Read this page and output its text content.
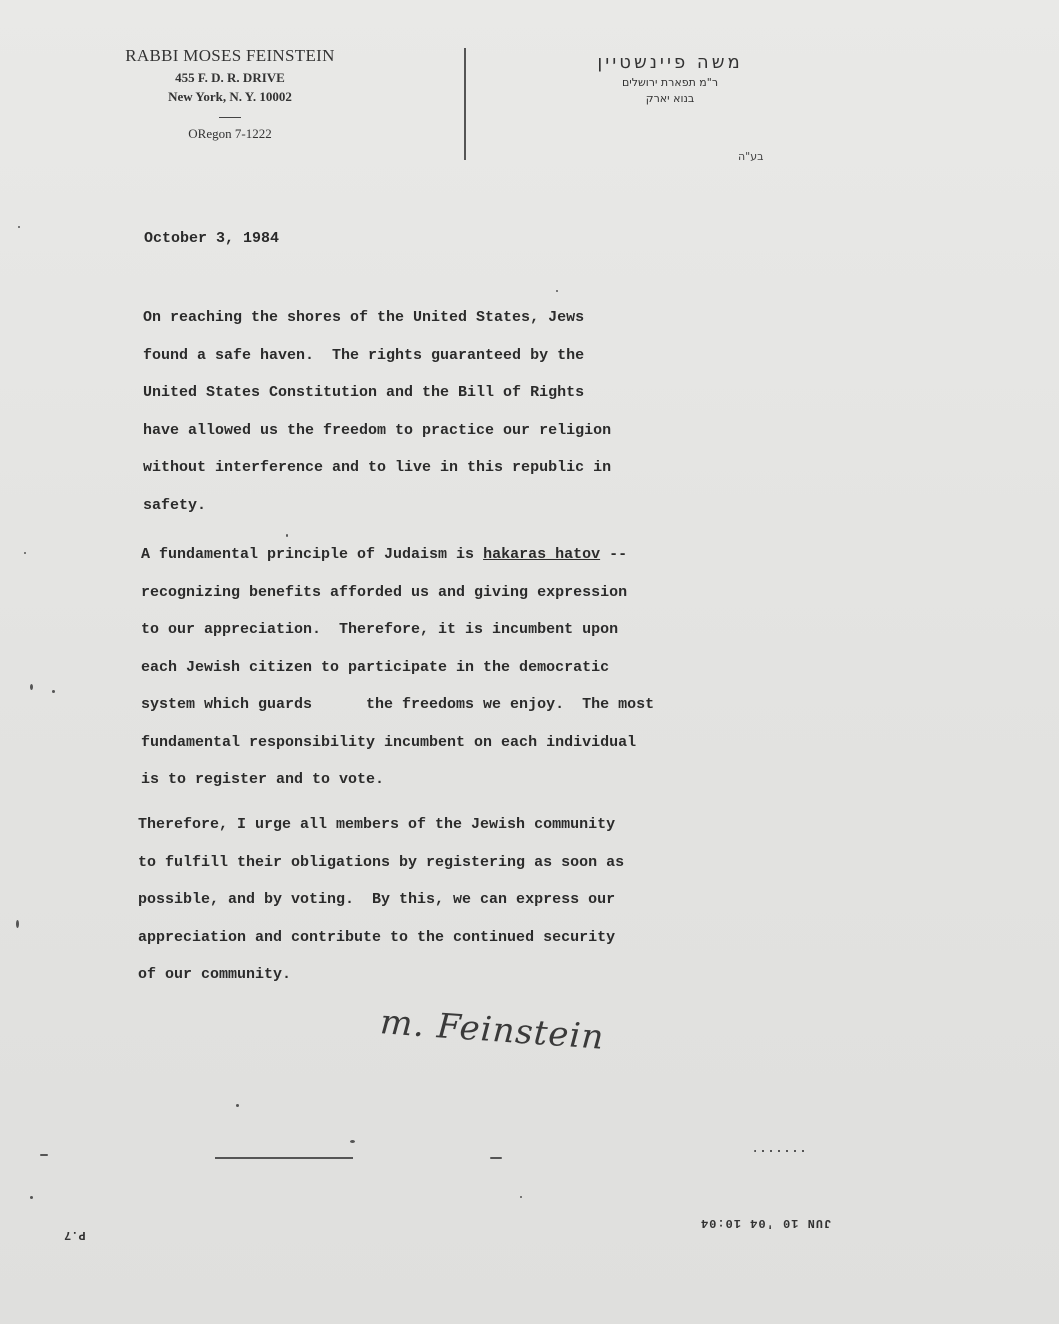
RABBI MOSES FEINSTEIN
455 F. D. R. DRIVE
New York, N. Y. 10002
ORegon 7-1222
משה פיינשטיין
ר"מ תפארת ירושלים
בנוא יארק
בע"ה
October 3, 1984
On reaching the shores of the United States, Jews
found a safe haven.  The rights guaranteed by the
United States Constitution and the Bill of Rights
have allowed us the freedom to practice our religion
without interference and to live in this republic in
safety.
A fundamental principle of Judaism is hakaras hatov --
recognizing benefits afforded us and giving expression
to our appreciation.  Therefore, it is incumbent upon
each Jewish citizen to participate in the democratic
system which guards      the freedoms we enjoy.  The most
fundamental responsibility incumbent on each individual
is to register and to vote.
Therefore, I urge all members of the Jewish community
to fulfill their obligations by registering as soon as
possible, and by voting.  By this, we can express our
appreciation and contribute to the continued security
of our community.
m. Feinstein
JUN 10 '04 10:04
P.7
